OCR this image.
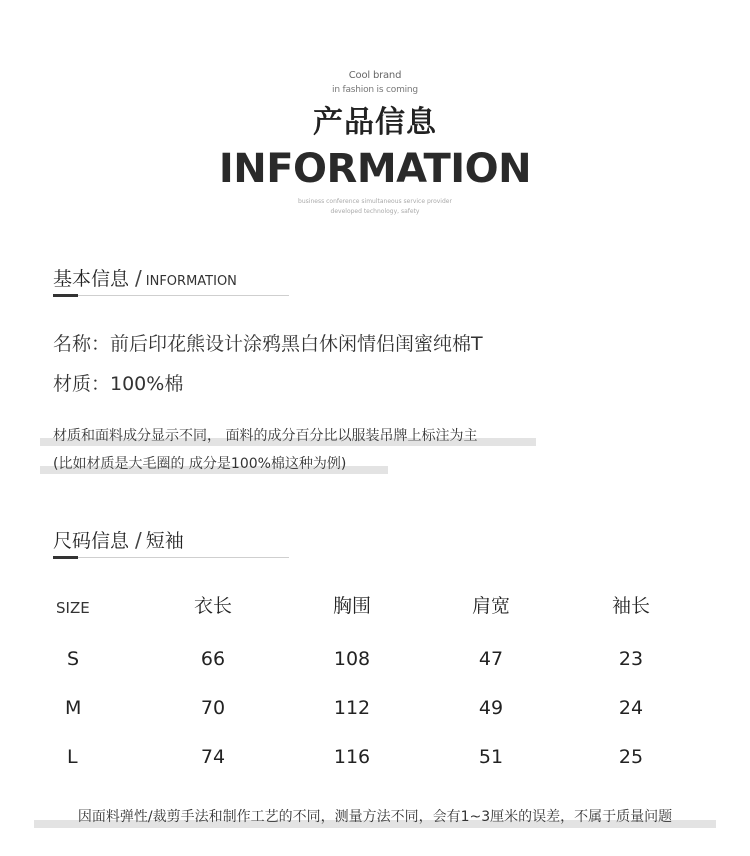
Cool brand
in fashion is coming
产品信息
INFORMATION
business conference simultaneous service provider
developed technology, safety
基本信息 / INFORMATION
名称：前后印花熊设计涂鸦黑白休闲情侣闺蜜纯棉T
材质：100%棉
材质和面料成分显示不同， 面料的成分百分比以服装吊牌上标注为主
(比如材质是大毛圈的 成分是100%棉这种为例)
尺码信息 / 短袖
SIZE	衣长	胸围	肩宽	袖长
S	66	108	47	23
M	70	112	49	24
L	74	116	51	25
因面料弹性/裁剪手法和制作工艺的不同，测量方法不同，会有1~3厘米的误差，不属于质量问题
